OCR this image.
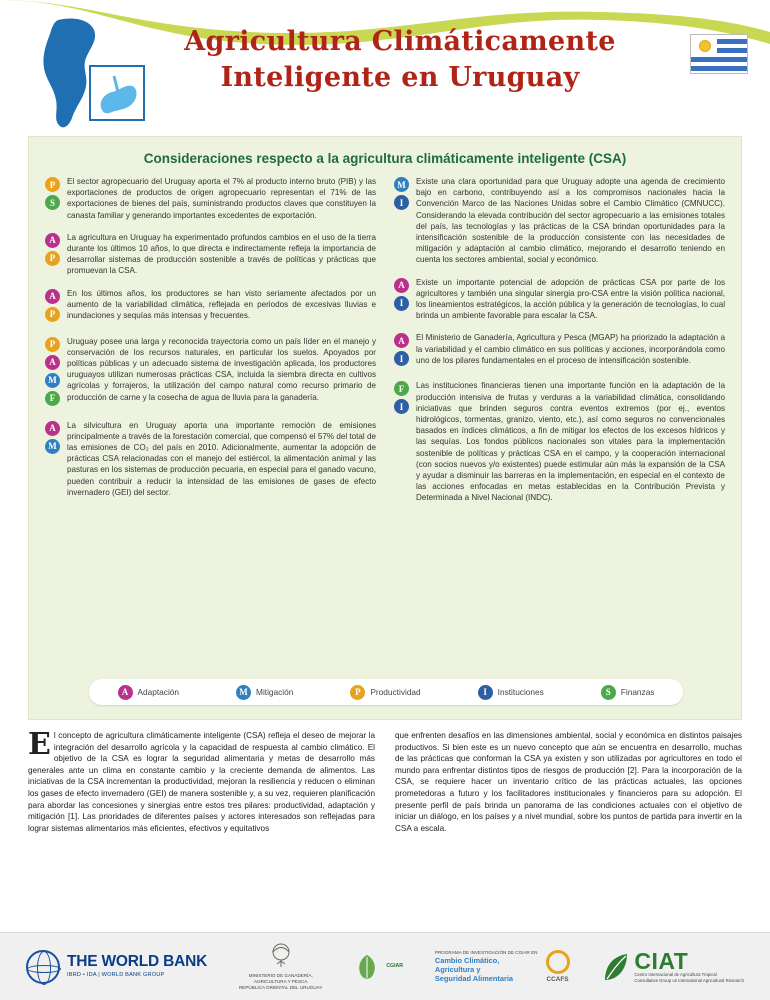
Agricultura Climáticamente
Inteligente en Uruguay
Consideraciones respecto a la agricultura climáticamente inteligente (CSA)
P
S
El sector agropecuario del Uruguay aporta el 7% al producto interno bruto (PIB) y las exportaciones de productos de origen agropecuario representan el 71% de las exportaciones de bienes del país, suministrando productos claves que constituyen la canasta familiar y generando importantes excedentes de exportación.
A
P
La agricultura en Uruguay ha experimentado profundos cambios en el uso de la tierra durante los últimos 10 años, lo que directa e indirectamente refleja la importancia de desarrollar sistemas de producción sostenible a través de políticas y prácticas que promuevan la CSA.
A
P
En los últimos años, los productores se han visto seriamente afectados por un aumento de la variabilidad climática, reflejada en periodos de excesivas lluvias e inundaciones y sequías más intensas y frecuentes.
P
A
M
F
Uruguay posee una larga y reconocida trayectoria como un país líder en el manejo y conservación de los recursos naturales, en particular los suelos. Apoyados por políticas públicas y un adecuado sistema de investigación aplicada, los productores uruguayos utilizan numerosas prácticas CSA, incluida la siembra directa en cultivos agrícolas y forrajeros, la utilización del campo natural como recurso primario de producción de carne y la cosecha de agua de lluvia para la ganadería.
A
M
La silvicultura en Uruguay aporta una importante remoción de emisiones principalmente a través de la forestación comercial, que compensó el 57% del total de las emisiones de CO₂ del país en 2010. Adicionalmente, aumentar la adopción de prácticas CSA relacionadas con el manejo del estiércol, la alimentación animal y las pasturas en los sistemas de producción pecuaria, en especial para el ganado vacuno, pueden contribuir a reducir la intensidad de las emisiones de gases de efecto invernadero (GEI) del sector.
M
I
Existe una clara oportunidad para que Uruguay adopte una agenda de crecimiento bajo en carbono, contribuyendo así a los compromisos nacionales hacia la Convención Marco de las Naciones Unidas sobre el Cambio Climático (CMNUCC). Considerando la elevada contribución del sector agropecuario a las emisiones totales del país, las tecnologías y las prácticas de la CSA brindan oportunidades para la intensificación sostenible de la producción consistente con las necesidades de mitigación y adaptación al cambio climático, mejorando el desarrollo teniendo en cuenta los sectores ambiental, social y económico.
A
I
Existe un importante potencial de adopción de prácticas CSA por parte de los agricultores y también una singular sinergia pro-CSA entre la visión política nacional, los lineamientos estratégicos, la acción pública y la generación de tecnologías, lo cual brinda un ambiente favorable para escalar la CSA.
A
I
El Ministerio de Ganadería, Agricultura y Pesca (MGAP) ha priorizado la adaptación a la variabilidad y el cambio climático en sus políticas y acciones, incorporándola como uno de los pilares fundamentales en el proceso de intensificación sostenible.
F
I
Las instituciones financieras tienen una importante función en la adaptación de la producción intensiva de frutas y verduras a la variabilidad climática, consolidando iniciativas que brinden seguros contra eventos extremos (por ej., eventos hidrológicos, tormentas, granizo, viento, etc.), así como seguros no convencionales basados en índices climáticos, a fin de mitigar los efectos de los excesos hídricos y las sequías. Los fondos públicos nacionales son vitales para la implementación sostenible de políticas y prácticas CSA en el campo, y la cooperación internacional (con socios nuevos y/o existentes) puede estimular aún más la expansión de la CSA y ayudar a disminuir las barreras en la implementación, en especial en el contexto de las acciones enfocadas en metas establecidas en la Contribución Prevista y Determinada a Nivel Nacional (INDC).
A	Adaptación	M Mitigación	P	Productividad	I	Instituciones	S	Finanzas
El concepto de agricultura climáticamente inteligente (CSA) refleja el deseo de mejorar la integración del desarrollo agrícola y la capacidad de respuesta al cambio climático. El objetivo de la CSA es lograr la seguridad alimentaria y metas de desarrollo más generales ante un clima en constante cambio y la creciente demanda de alimentos. Las iniciativas de la CSA incrementan la productividad, mejoran la resiliencia y reducen o eliminan los gases de efecto invernadero (GEI) de manera sostenible y, a su vez, requieren planificación para abordar las concesiones y sinergias entre estos tres pilares: productividad, adaptación y mitigación [1]. Las prioridades de diferentes países y actores interesados son reflejadas para lograr sistemas alimentarios más eficientes, efectivos y equitativos
que enfrenten desafíos en las dimensiones ambiental, social y económica en distintos paisajes productivos. Si bien este es un nuevo concepto que aún se encuentra en desarrollo, muchas de las prácticas que conforman la CSA ya existen y son utilizadas por agricultores en todo el mundo para enfrentar distintos tipos de riesgos de producción [2]. Para la incorporación de la CSA, se requiere hacer un inventario crítico de las prácticas actuales, las opciones prometedoras a futuro y los facilitadores institucionales y financieros para su adopción. El presente perfil de país brinda un panorama de las condiciones actuales con el objetivo de iniciar un diálogo, en los países y a nivel mundial, sobre los puntos de partida para invertir en la CSA a escala.
THE WORLD BANK
IBRD • IDA | WORLD BANK GROUP	MINISTERIO DE GANADERÍA,
AGRICULTURA Y PESCA
REPÚBLICA ORIENTAL DEL URUGUAY
CGIAR
PROGRAMA DE INVESTIGACIÓN DE CGIAR EN
Cambio Climático,
Agricultura y
Seguridad Alimentaria	CCAFS
CIAT
Centro Internacional de Agricultura Tropical
Consultative Group on International Agricultural Research
